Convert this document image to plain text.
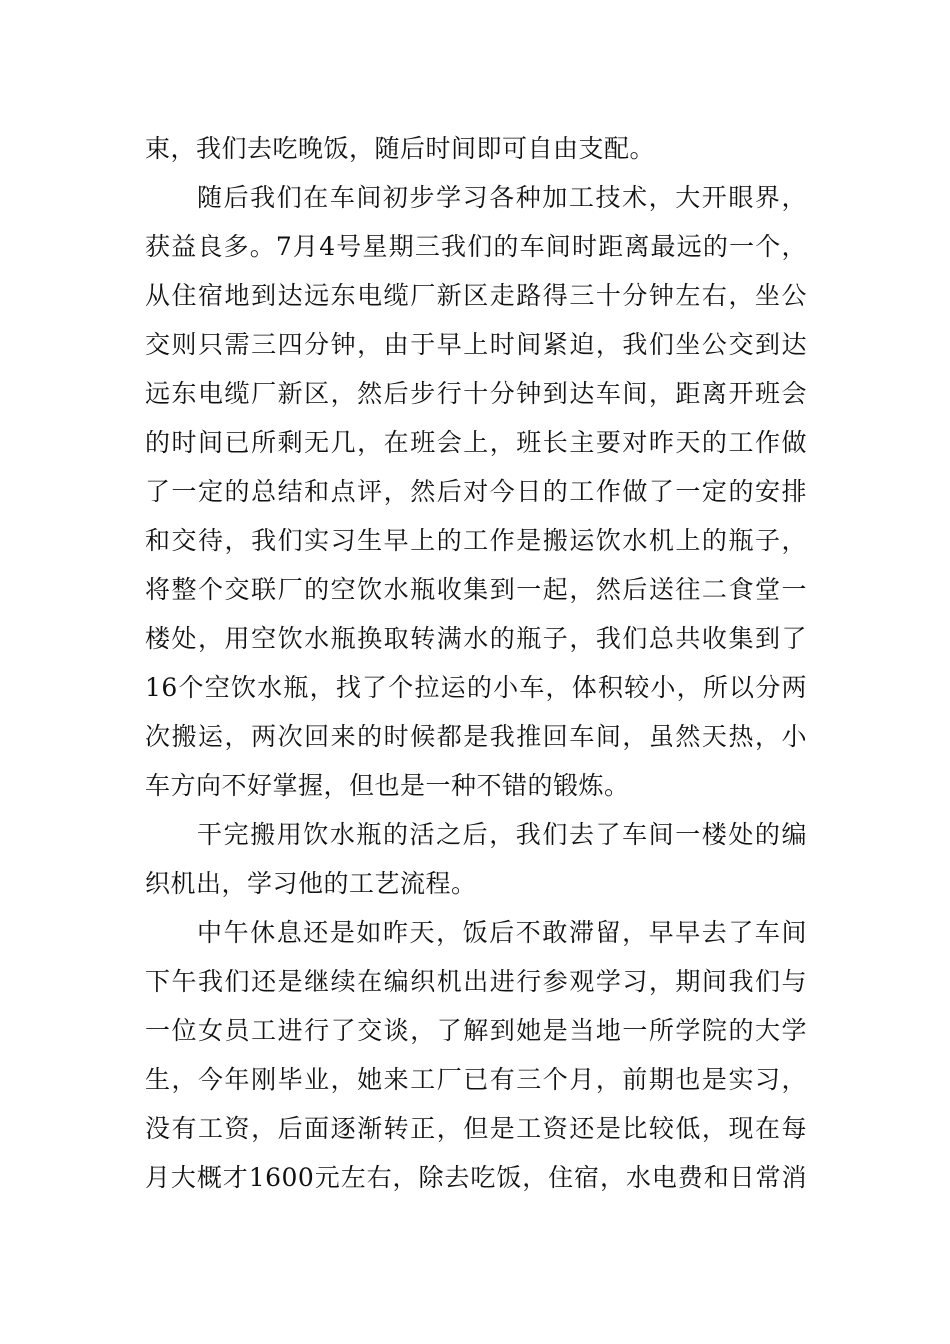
束，我们去吃晚饭，随后时间即可自由支配。
随后我们在车间初步学习各种加工技术，大开眼界，
获益良多。7月4号星期三我们的车间时距离最远的一个，
从住宿地到达远东电缆厂新区走路得三十分钟左右，坐公
交则只需三四分钟，由于早上时间紧迫，我们坐公交到达
远东电缆厂新区，然后步行十分钟到达车间，距离开班会
的时间已所剩无几，在班会上，班长主要对昨天的工作做
了一定的总结和点评，然后对今日的工作做了一定的安排
和交待，我们实习生早上的工作是搬运饮水机上的瓶子，
将整个交联厂的空饮水瓶收集到一起，然后送往二食堂一
楼处，用空饮水瓶换取转满水的瓶子，我们总共收集到了
16个空饮水瓶，找了个拉运的小车，体积较小，所以分两
次搬运，两次回来的时候都是我推回车间，虽然天热，小
车方向不好掌握，但也是一种不错的锻炼。
干完搬用饮水瓶的活之后，我们去了车间一楼处的编
织机出，学习他的工艺流程。
中午休息还是如昨天，饭后不敢滞留，早早去了车间
下午我们还是继续在编织机出进行参观学习，期间我们与
一位女员工进行了交谈，了解到她是当地一所学院的大学
生，今年刚毕业，她来工厂已有三个月，前期也是实习，
没有工资，后面逐渐转正，但是工资还是比较低，现在每
月大概才1600元左右，除去吃饭，住宿，水电费和日常消
